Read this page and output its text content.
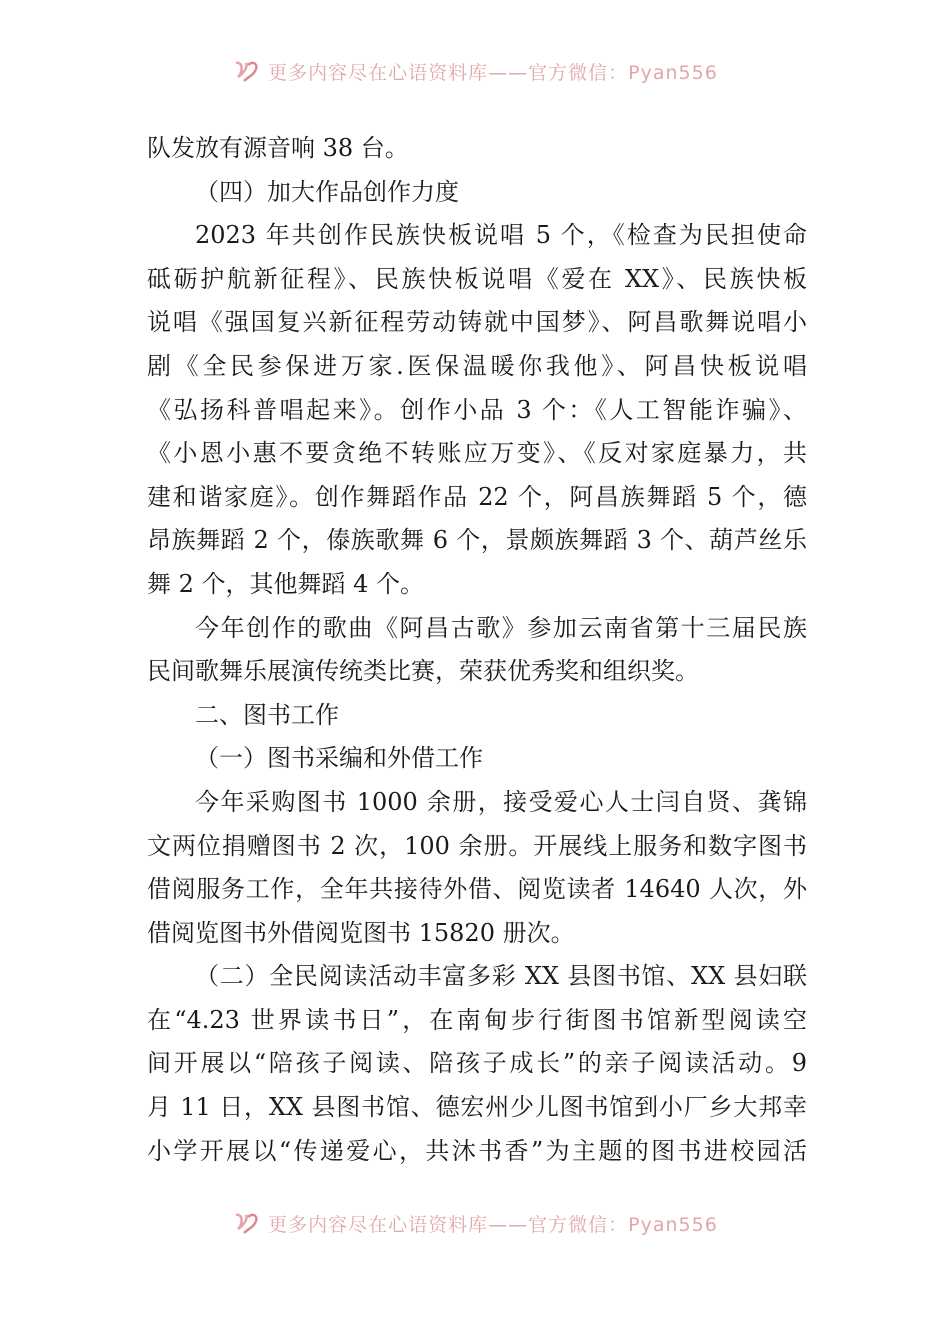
更多内容尽在心语资料库——官方微信：Pyan556
队发放有源音响 38 台。
（四）加大作品创作力度
2023 年共创作民族快板说唱 5 个，《检查为民担使命
砥砺护航新征程》、民族快板说唱《爱在 XX》、民族快板
说唱《强国复兴新征程劳动铸就中国梦》、阿昌歌舞说唱小
剧《全民参保进万家.医保温暖你我他》、阿昌快板说唱
《弘扬科普唱起来》。创作小品 3 个：《人工智能诈骗》、
《小恩小惠不要贪绝不转账应万变》、《反对家庭暴力，共
建和谐家庭》。创作舞蹈作品 22 个，阿昌族舞蹈 5 个，德
昂族舞蹈 2 个，傣族歌舞 6 个，景颇族舞蹈 3 个、葫芦丝乐
舞 2 个，其他舞蹈 4 个。
今年创作的歌曲《阿昌古歌》参加云南省第十三届民族
民间歌舞乐展演传统类比赛，荣获优秀奖和组织奖。
二、图书工作
（一）图书采编和外借工作
今年采购图书 1000 余册，接受爱心人士闫自贤、龚锦
文两位捐赠图书 2 次，100 余册。开展线上服务和数字图书
借阅服务工作，全年共接待外借、阅览读者 14640 人次，外
借阅览图书外借阅览图书 15820 册次。
（二）全民阅读活动丰富多彩 XX 县图书馆、XX 县妇联
在“4.23 世界读书日”，在南甸步行街图书馆新型阅读空
间开展以“陪孩子阅读、陪孩子成长”的亲子阅读活动。9
月 11 日，XX 县图书馆、德宏州少儿图书馆到小厂乡大邦幸
小学开展以“传递爱心，共沐书香”为主题的图书进校园活
更多内容尽在心语资料库——官方微信：Pyan556
